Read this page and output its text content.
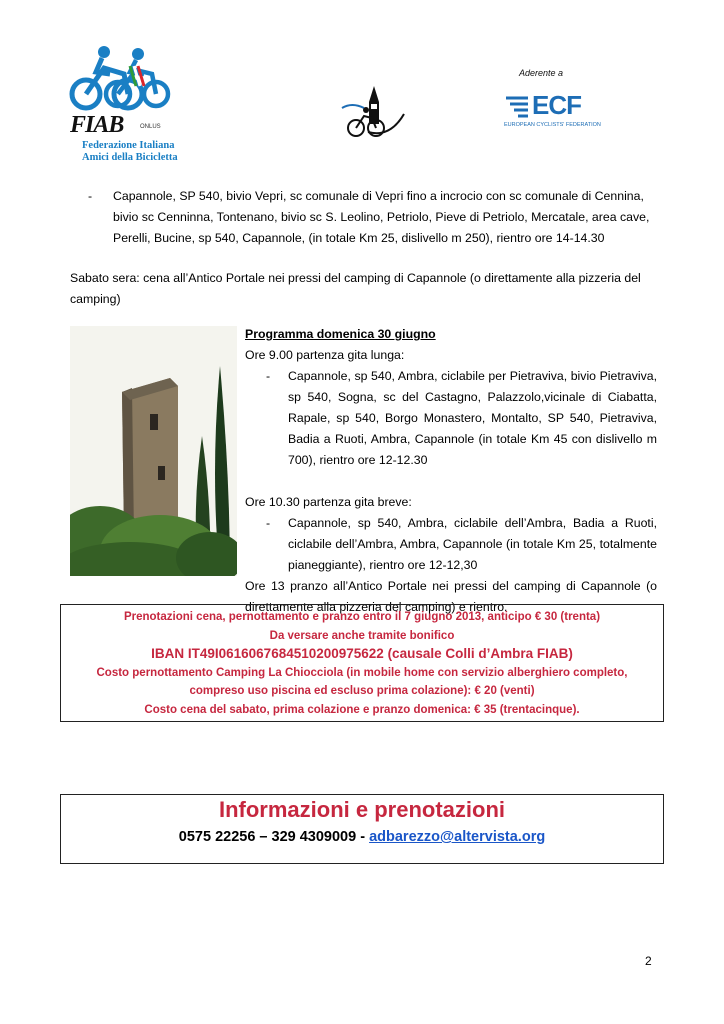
FIAB	ONLUS
Federazione Italiana
Amici della Bicicletta
Aderente a
ECF
EUROPEAN CYCLISTS' FEDERATION
- Capannole, SP 540, bivio Vepri, sc comunale di Vepri fino a incrocio con sc comunale di Cennina,
bivio sc Cenninna, Tontenano, bivio sc S. Leolino, Petriolo, Pieve di Petriolo, Mercatale, area cave,
Perelli, Bucine, sp 540, Capannole, (in totale Km 25, dislivello m 250), rientro ore 14-14.30
Sabato sera: cena all’Antico Portale nei pressi del camping di Capannole (o direttamente alla pizzeria del camping)
Programma domenica 30 giugno
Ore 9.00 partenza gita lunga:
- Capannole, sp 540, Ambra, ciclabile per Pietraviva, bivio Pietraviva, sp 540, Sogna, sc del Castagno, Palazzolo,vicinale di Ciabatta, Rapale, sp 540, Borgo Monastero, Montalto, SP 540, Pietraviva, Badia a Ruoti, Ambra, Capannole (in totale Km 45 con dislivello m 700), rientro ore 12-12.30
Ore 10.30 partenza gita breve:
- Capannole, sp 540, Ambra, ciclabile dell’Ambra, Badia a Ruoti, ciclabile dell’Ambra, Ambra, Capannole (in totale Km 25, totalmente pianeggiante), rientro ore 12-12,30
Ore 13 pranzo all’Antico Portale nei pressi del camping di Capannole (o direttamente alla pizzeria del camping) e rientro.
Prenotazioni cena, pernottamento e pranzo entro il 7 giugno 2013, anticipo € 30 (trenta)
Da versare anche tramite bonifico
IBAN IT49I0616067684510200975622 (causale Colli d’Ambra FIAB)
Costo pernottamento Camping La Chiocciola (in mobile home con servizio alberghiero completo,
compreso uso piscina ed escluso prima colazione): € 20 (venti)
Costo cena del sabato, prima colazione e pranzo domenica: € 35 (trentacinque).
Informazioni e prenotazioni
0575 22256 – 329 4309009 - adbarezzo@altervista.org
2
